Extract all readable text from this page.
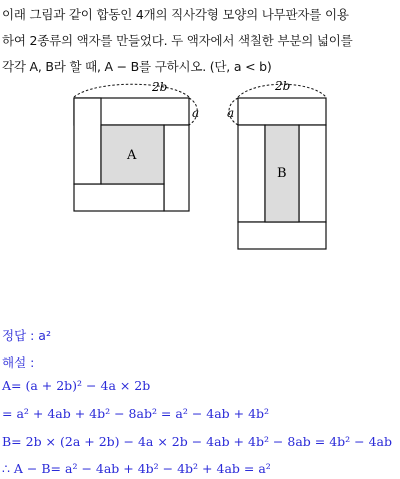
이래 그림과 같이 합동인 4개의 직사각형 모양의 나무판자를 이용
하여 2종류의 액자를 만들었다. 두 액자에서 색칠한 부분의 넓이를
각각 A, B라 할 때, A − B를 구하시오. (단, a < b)
2b
a
A
2b
a
B
정답 : a²
해설 :
A= (a + 2b)² − 4a × 2b
= a² + 4ab + 4b² − 8ab² = a² − 4ab + 4b²
B= 2b × (2a + 2b) − 4a × 2b − 4ab + 4b² − 8ab = 4b² − 4ab
∴ A − B= a² − 4ab + 4b² − 4b² + 4ab = a²
